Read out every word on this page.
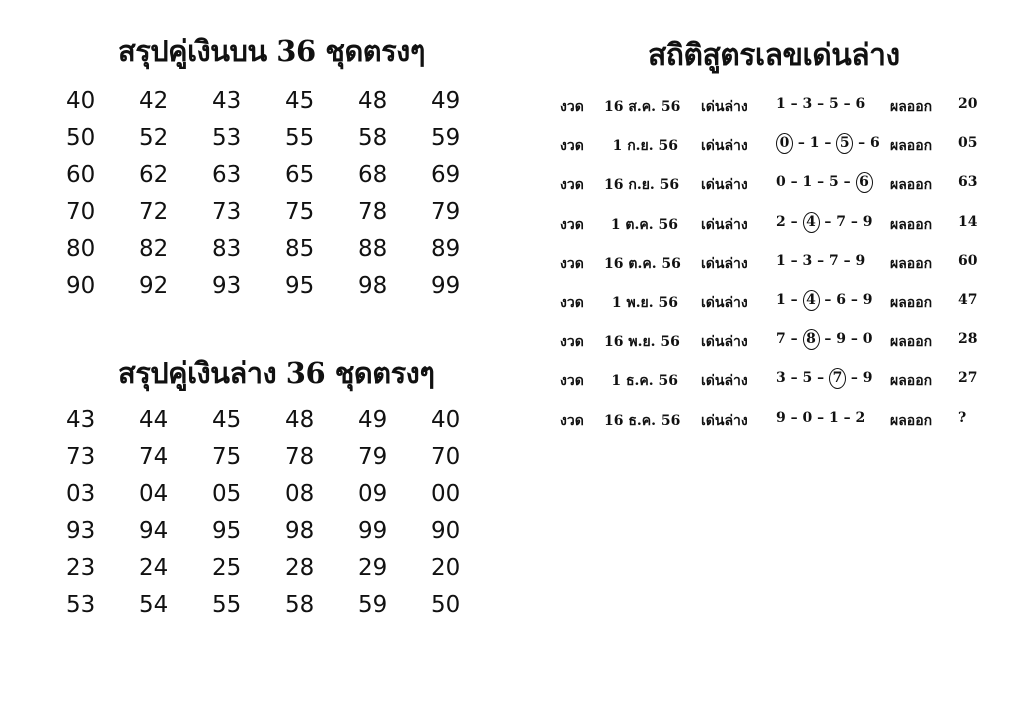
สรุปคู่เงินบน 36 ชุดตรงๆ
40	42	43	45	48	49
50	52	53	55	58	59
60	62	63	65	68	69
70	72	73	75	78	79
80	82	83	85	88	89
90	92	93	95	98	99
สรุปคู่เงินล่าง 36 ชุดตรงๆ
43	44	45	48	49	40
73	74	75	78	79	70
03	04	05	08	09	00
93	94	95	98	99	90
23	24	25	28	29	20
53	54	55	58	59	50
สถิติสูตรเลขเด่นล่าง
งวด 16 ส.ค. 56 เด่นล่าง 1 – 3 – 5 – 6 ผลออก 20
งวด	1 ก.ย. 56 เด่นล่าง 0 – 1 – 5 – 6 ผลออก 05
งวด 16 ก.ย. 56 เด่นล่าง 0 – 1 – 5 – 6 ผลออก 63
งวด	1 ต.ค. 56 เด่นล่าง 2 – 4 – 7 – 9 ผลออก 14
งวด 16 ต.ค. 56 เด่นล่าง 1 – 3 – 7 – 9 ผลออก 60
งวด	1 พ.ย. 56 เด่นล่าง 1 – 4 – 6 – 9 ผลออก 47
งวด 16 พ.ย. 56 เด่นล่าง 7 – 8 – 9 – 0 ผลออก 28
งวด	1 ธ.ค. 56 เด่นล่าง 3 – 5 – 7 – 9 ผลออก 27
งวด 16 ธ.ค. 56 เด่นล่าง 9 – 0 – 1 – 2 ผลออก ?
